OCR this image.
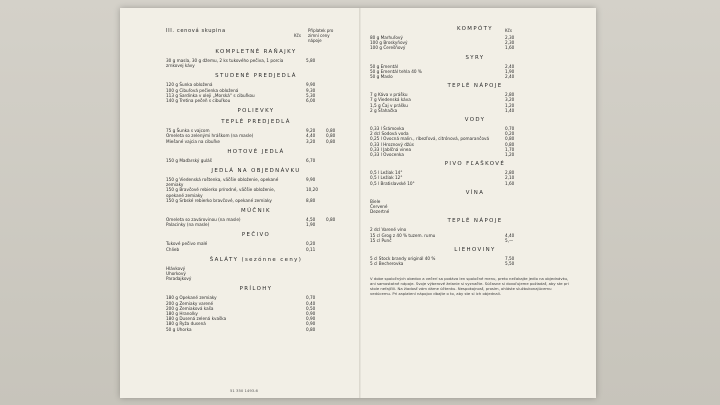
III. cenová skupina
Kčs
Příplatek pro zimní ceny nápoje
KOMPLETNÉ RAŇAJKY
30 g masla, 30 g džemu, 2 ks tukového pečiva, 1 porcia zrnkovej kávy
5,80
STUDENÉ PREDJEDLÁ
120 g Šunka obložená	9,90
100 g Cibuľová pečienka obložená	9,30
113 g Sardinka v oleji „Morská“ s cibuľkou	5,30
140 g Tretina pečeň s cibuľkou	6,00
POLIEVKY
TEPLÉ PREDJEDLÁ
75 g Šunka s vajcom	9,20	0,80
Omeleta so zelenými hráškom (na masle)	4,40	0,80
Miešané vajcia na cibuľke	3,20	0,80
HOTOVÉ JEDLÁ
150 g Maďarský guláš	6,70
JEDLÁ NA OBJEDNÁVKU
150 g Viedenská roštenka, väčšie obloženie, opekané zemiaky
9,90
150 g Bravčové rebierko prírodné, väčšie obloženie, opekané zemiaky
10,20
150 g Srbské rebierko bravčové, opekané zemiaky	8,80
MÚČNIK
Omeleta so zavárovinou (na masle)	4,50	0,80
Palacinky (na masle)	1,90
PEČIVO
Tukové pečivo malé	0,20
Chlieb	0,11
ŠALÁTY (sezónne ceny)
Hlávkový
Uhorkový
Paradajkový
PRÍLOHY
180 g Opekané zemiaky	0,70
200 g Zemiaky varené	0,40
200 g Zemiaková kaša	0,50
180 g Hranolky	0,90
180 g Dusená zelená kvaška	0,90
180 g Ryža dusená	0,90
50 g Uhorka	0,80
51 350 1493-6
KOMPÓTY
80 g Marhuľový	2,30
100 g Broskyňový	2,30
100 g Čerešňový	1,60
SYRY
50 g Ementál	2,40
50 g Ementál tehla 40 %	1,90
50 g Maslo	2,40
TEPLÉ NÁPOJE
7 g Káva v prášku	2,80
7 g Viedenská káva	3,20
1,5 g Čaj v prášku	1,20
2 g Šľahačka	1,40
VODY
0,33 l Šrámovka	0,70
2 dcl Sodová voda	0,20
0,25 l Ovocná malin., ríbezľová, citrónová, pomarančová	0,80
0,33 l Hroznový džús	0,80
0,33 l Jablčná vinea	1,70
0,33 l Ovocenka	1,20
PIVO FĽAŠKOVÉ
0,5 l Ležiak 14°	2,80
0,5 l Ležiak 12°	2,10
0,5 l Bratislavské 10°	1,60
VÍNA
Biele
Červené
Dezertné
TEPLÉ NÁPOJE
2 dcl Varené víno
15 cl Grog z 40 % tuzem. rumu	4,40
15 cl Punč	5,—
LIEHOVINY
5 cl Stock brandy originál 40 %	7,50
5 cl Becherovka	5,50
V dobe spoločných obedov a večerí sa podáva len spoločné menu, preto nečakajte jedlo na objednávku, ani samostatné nápoje. Svoje výberové želanie si vyznačte. Súčasne si dovoľujeme požiadať, aby ste pri stole nefajčili. Na žiadosť vám dáme účtenku. Nespokojnosť, prosím, ohláste službukonajúcemu vedúcemu. Pri zaplatení nápojov dbajte o to, aby ste si ich objednali.
Kčs
